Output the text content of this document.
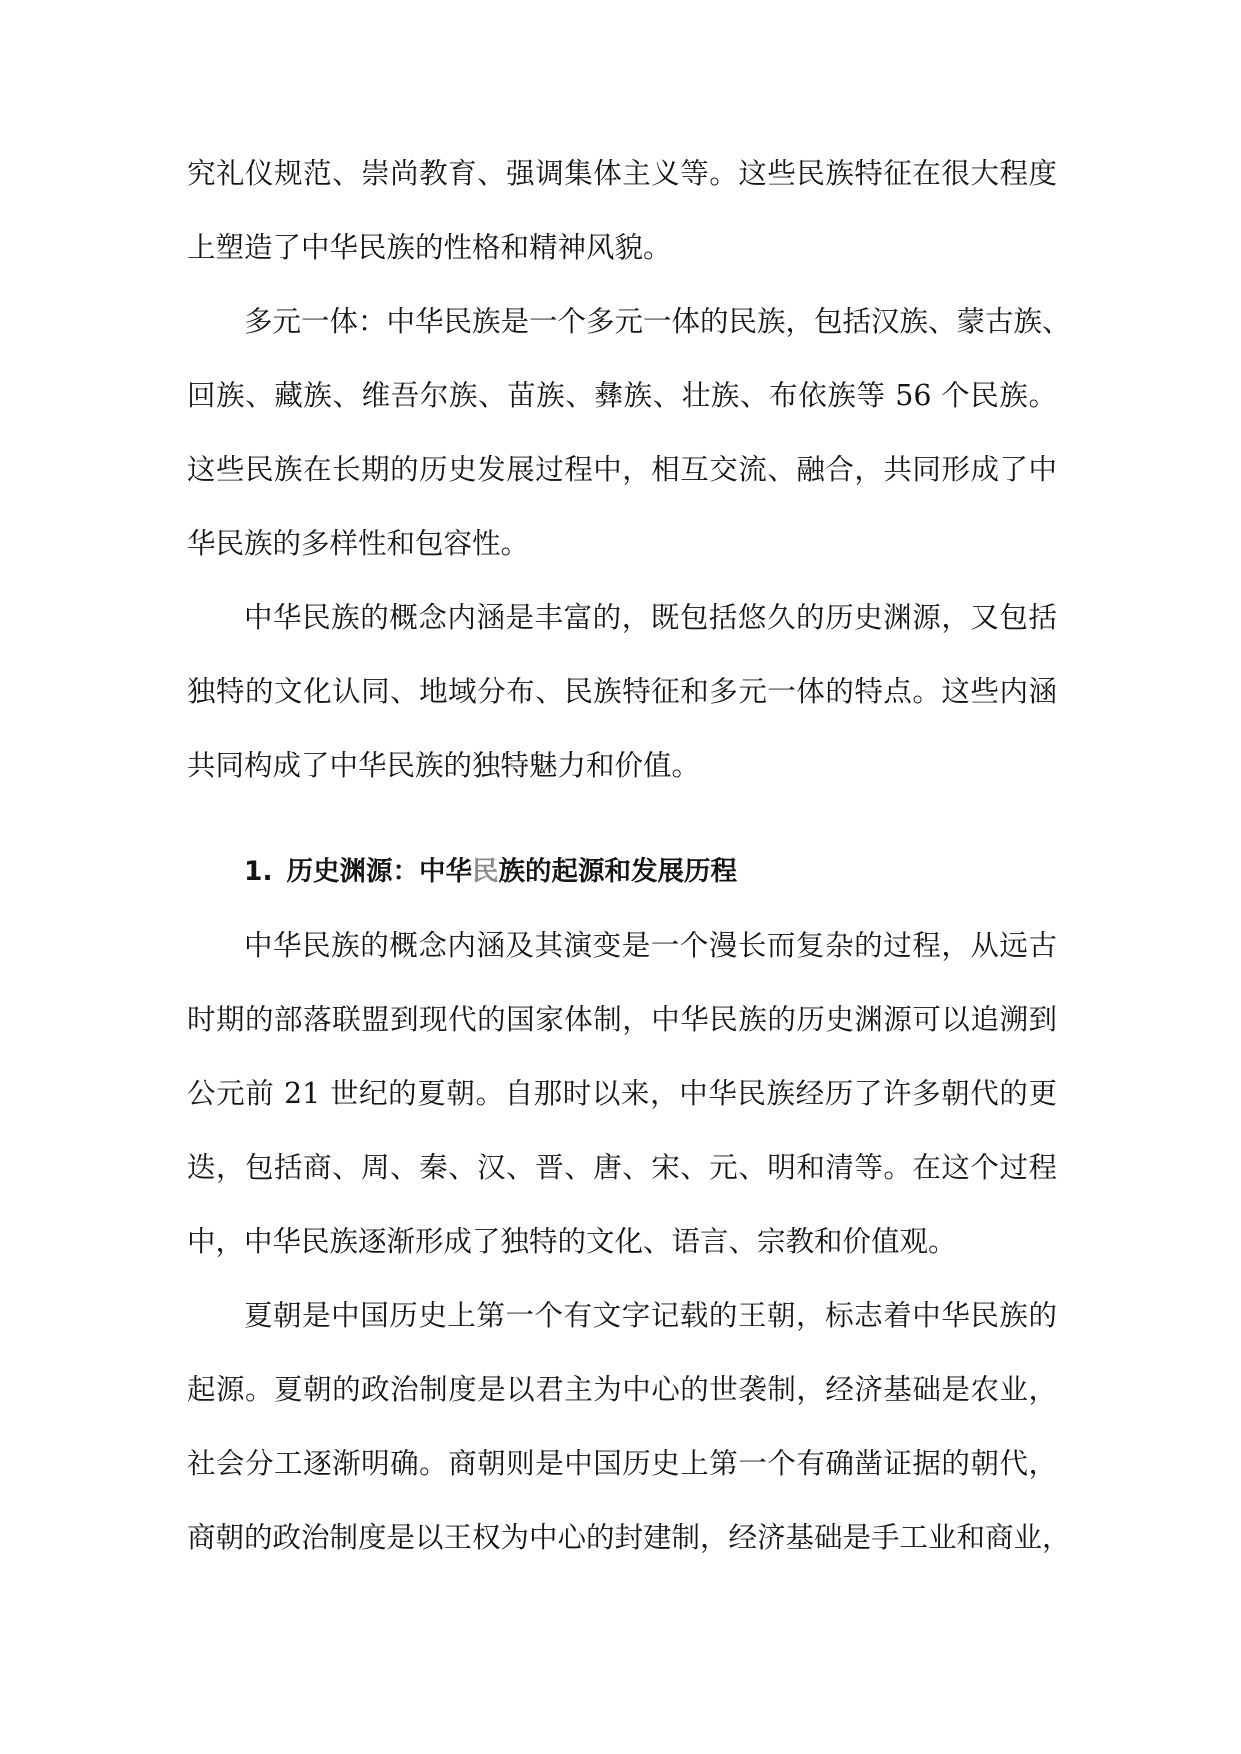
究礼仪规范、崇尚教育、强调集体主义等。这些民族特征在很大程度
上塑造了中华民族的性格和精神风貌。
多元一体：中华民族是一个多元一体的民族，包括汉族、蒙古族、
回族、藏族、维吾尔族、苗族、彝族、壮族、布依族等 56 个民族。
这些民族在长期的历史发展过程中，相互交流、融合，共同形成了中
华民族的多样性和包容性。
中华民族的概念内涵是丰富的，既包括悠久的历史渊源，又包括
独特的文化认同、地域分布、民族特征和多元一体的特点。这些内涵
共同构成了中华民族的独特魅力和价值。
1. 历史渊源：中华民族的起源和发展历程
中华民族的概念内涵及其演变是一个漫长而复杂的过程，从远古
时期的部落联盟到现代的国家体制，中华民族的历史渊源可以追溯到
公元前 21 世纪的夏朝。自那时以来，中华民族经历了许多朝代的更
迭，包括商、周、秦、汉、晋、唐、宋、元、明和清等。在这个过程
中，中华民族逐渐形成了独特的文化、语言、宗教和价值观。
夏朝是中国历史上第一个有文字记载的王朝，标志着中华民族的
起源。夏朝的政治制度是以君主为中心的世袭制，经济基础是农业，
社会分工逐渐明确。商朝则是中国历史上第一个有确凿证据的朝代，
商朝的政治制度是以王权为中心的封建制，经济基础是手工业和商业，
